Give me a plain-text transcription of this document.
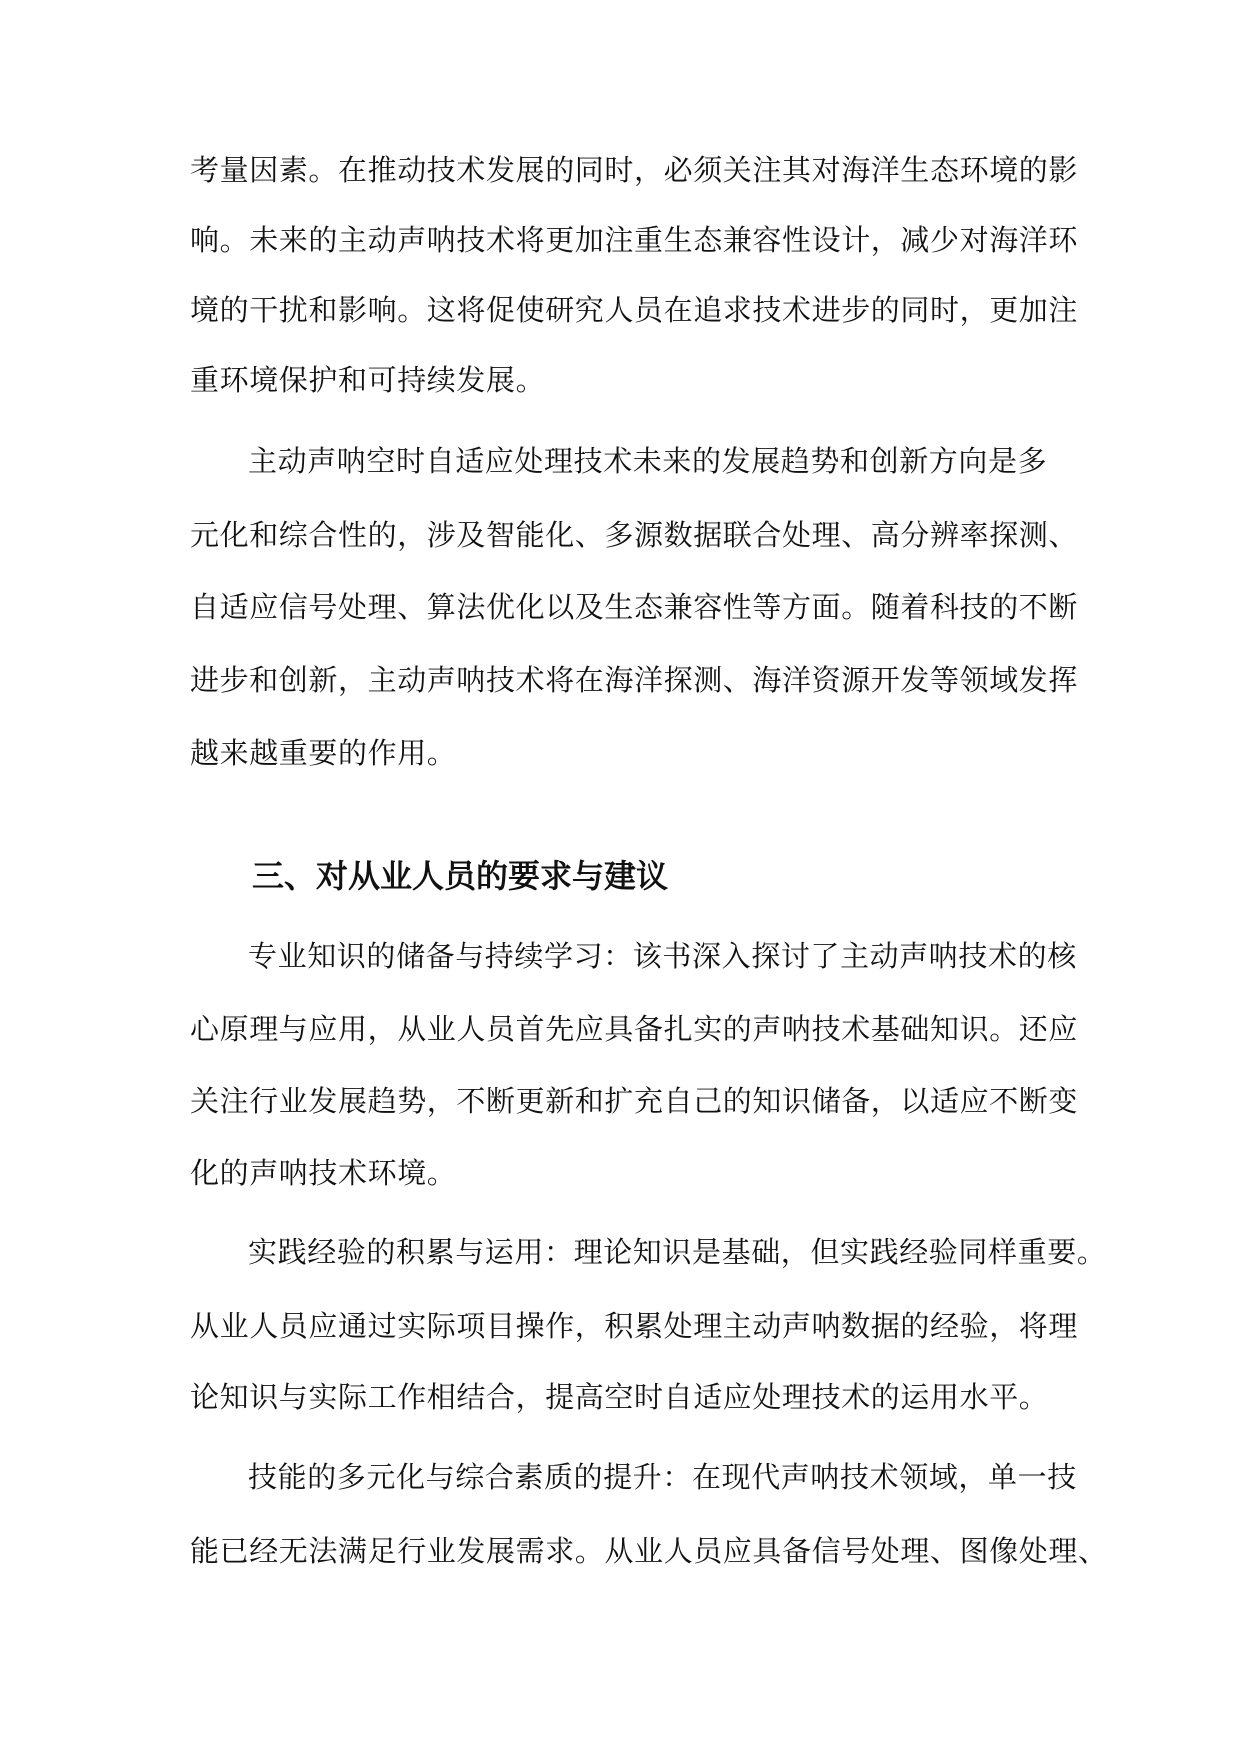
考量因素。在推动技术发展的同时，必须关注其对海洋生态环境的影
响。未来的主动声呐技术将更加注重生态兼容性设计，减少对海洋环
境的干扰和影响。这将促使研究人员在追求技术进步的同时，更加注
重环境保护和可持续发展。
主动声呐空时自适应处理技术未来的发展趋势和创新方向是多
元化和综合性的，涉及智能化、多源数据联合处理、高分辨率探测、
自适应信号处理、算法优化以及生态兼容性等方面。随着科技的不断
进步和创新，主动声呐技术将在海洋探测、海洋资源开发等领域发挥
越来越重要的作用。
三、对从业人员的要求与建议
专业知识的储备与持续学习：该书深入探讨了主动声呐技术的核
心原理与应用，从业人员首先应具备扎实的声呐技术基础知识。还应
关注行业发展趋势，不断更新和扩充自己的知识储备，以适应不断变
化的声呐技术环境。
实践经验的积累与运用：理论知识是基础，但实践经验同样重要。
从业人员应通过实际项目操作，积累处理主动声呐数据的经验，将理
论知识与实际工作相结合，提高空时自适应处理技术的运用水平。
技能的多元化与综合素质的提升：在现代声呐技术领域，单一技
能已经无法满足行业发展需求。从业人员应具备信号处理、图像处理、
